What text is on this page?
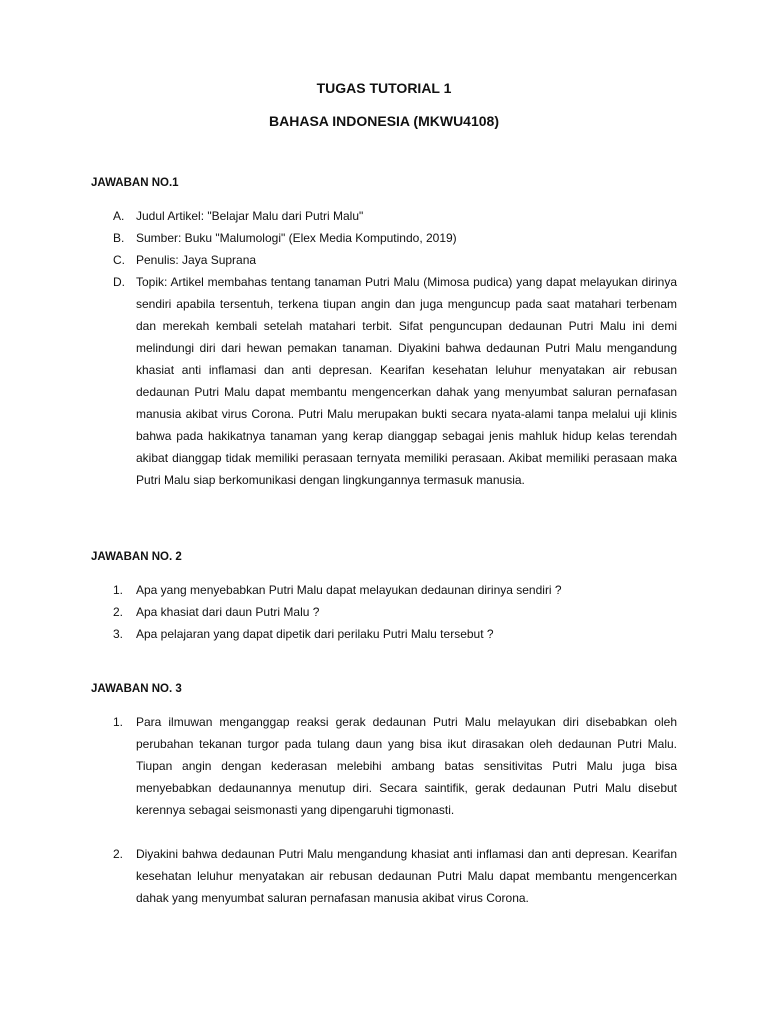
TUGAS TUTORIAL 1
BAHASA INDONESIA (MKWU4108)
JAWABAN NO.1
A. Judul Artikel: "Belajar Malu dari Putri Malu"
B. Sumber: Buku "Malumologi" (Elex Media Komputindo, 2019)
C. Penulis: Jaya Suprana
D. Topik: Artikel membahas tentang tanaman Putri Malu (Mimosa pudica) yang dapat melayukan dirinya sendiri apabila tersentuh, terkena tiupan angin dan juga menguncup pada saat matahari terbenam dan merekah kembali setelah matahari terbit. Sifat penguncupan dedaunan Putri Malu ini demi melindungi diri dari hewan pemakan tanaman. Diyakini bahwa dedaunan Putri Malu mengandung khasiat anti inflamasi dan anti depresan. Kearifan kesehatan leluhur menyatakan air rebusan dedaunan Putri Malu dapat membantu mengencerkan dahak yang menyumbat saluran pernafasan manusia akibat virus Corona. Putri Malu merupakan bukti secara nyata-alami tanpa melalui uji klinis bahwa pada hakikatnya tanaman yang kerap dianggap sebagai jenis mahluk hidup kelas terendah akibat dianggap tidak memiliki perasaan ternyata memiliki perasaan. Akibat memiliki perasaan maka Putri Malu siap berkomunikasi dengan lingkungannya termasuk manusia.
JAWABAN NO. 2
1. Apa yang menyebabkan Putri Malu dapat melayukan dedaunan dirinya sendiri ?
2. Apa khasiat dari daun Putri Malu ?
3. Apa pelajaran yang dapat dipetik dari perilaku Putri Malu tersebut ?
JAWABAN NO. 3
1. Para ilmuwan menganggap reaksi gerak dedaunan Putri Malu melayukan diri disebabkan oleh perubahan tekanan turgor pada tulang daun yang bisa ikut dirasakan oleh dedaunan Putri Malu. Tiupan angin dengan kederasan melebihi ambang batas sensitivitas Putri Malu juga bisa menyebabkan dedaunannya menutup diri. Secara saintifik, gerak dedaunan Putri Malu disebut kerennya sebagai seismonasti yang dipengaruhi tigmonasti.
2. Diyakini bahwa dedaunan Putri Malu mengandung khasiat anti inflamasi dan anti depresan. Kearifan kesehatan leluhur menyatakan air rebusan dedaunan Putri Malu dapat membantu mengencerkan dahak yang menyumbat saluran pernafasan manusia akibat virus Corona.
